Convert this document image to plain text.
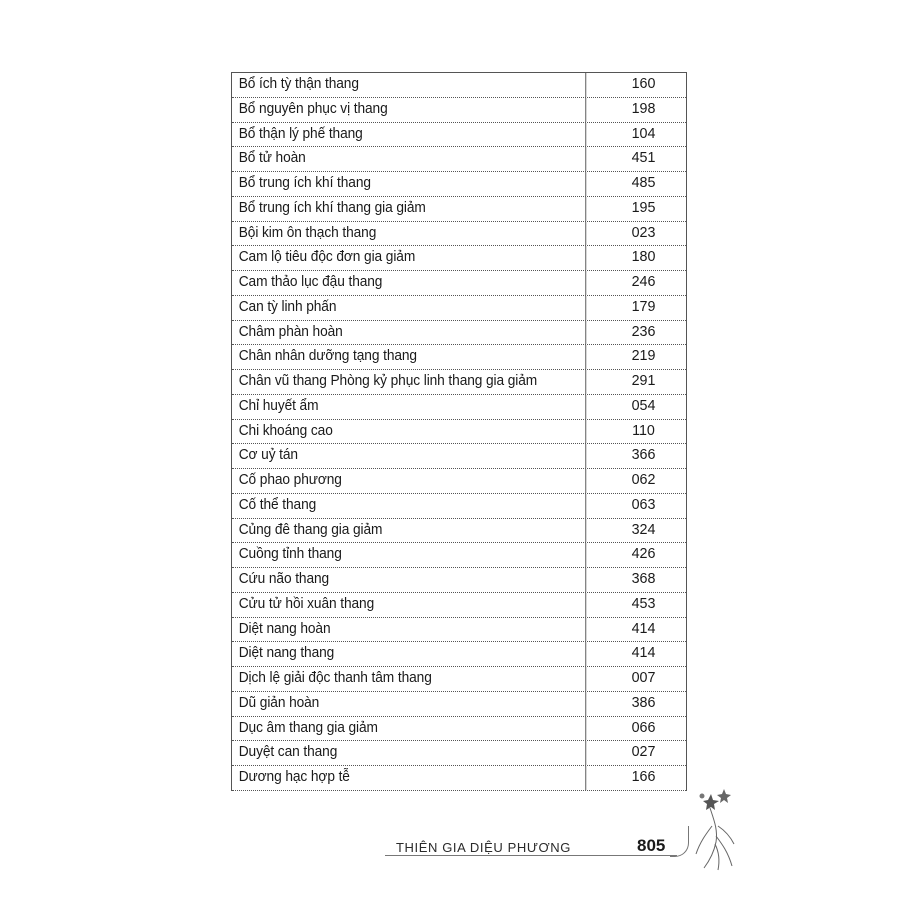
Bổ ích tỳ thận thang	160
Bổ nguyên phục vị thang	198
Bổ thận lý phế thang	104
Bổ tử hoàn	451
Bổ trung ích khí thang	485
Bổ trung ích khí thang gia giảm	195
Bội kim ôn thạch thang	023
Cam lộ tiêu độc đơn gia giảm	180
Cam thảo lục đậu thang	246
Can tỳ linh phấn	179
Châm phàn hoàn	236
Chân nhân dưỡng tạng thang	219
Chân vũ thang Phòng kỷ phục linh thang gia giảm	291
Chỉ huyết ẩm	054
Chi khoáng cao	110
Cơ uỷ tán	366
Cố phao phương	062
Cố thể thang	063
Củng đê thang gia giảm	324
Cuồng tỉnh thang	426
Cứu não thang	368
Cửu tử hồi xuân thang	453
Diệt nang hoàn	414
Diệt nang thang	414
Dịch lệ giải độc thanh tâm thang	007
Dũ giản hoàn	386
Dục âm thang gia giảm	066
Duyệt can thang	027
Dương hạc hợp tễ	166
THIÊN GIA DIỆU PHƯƠNG	805
